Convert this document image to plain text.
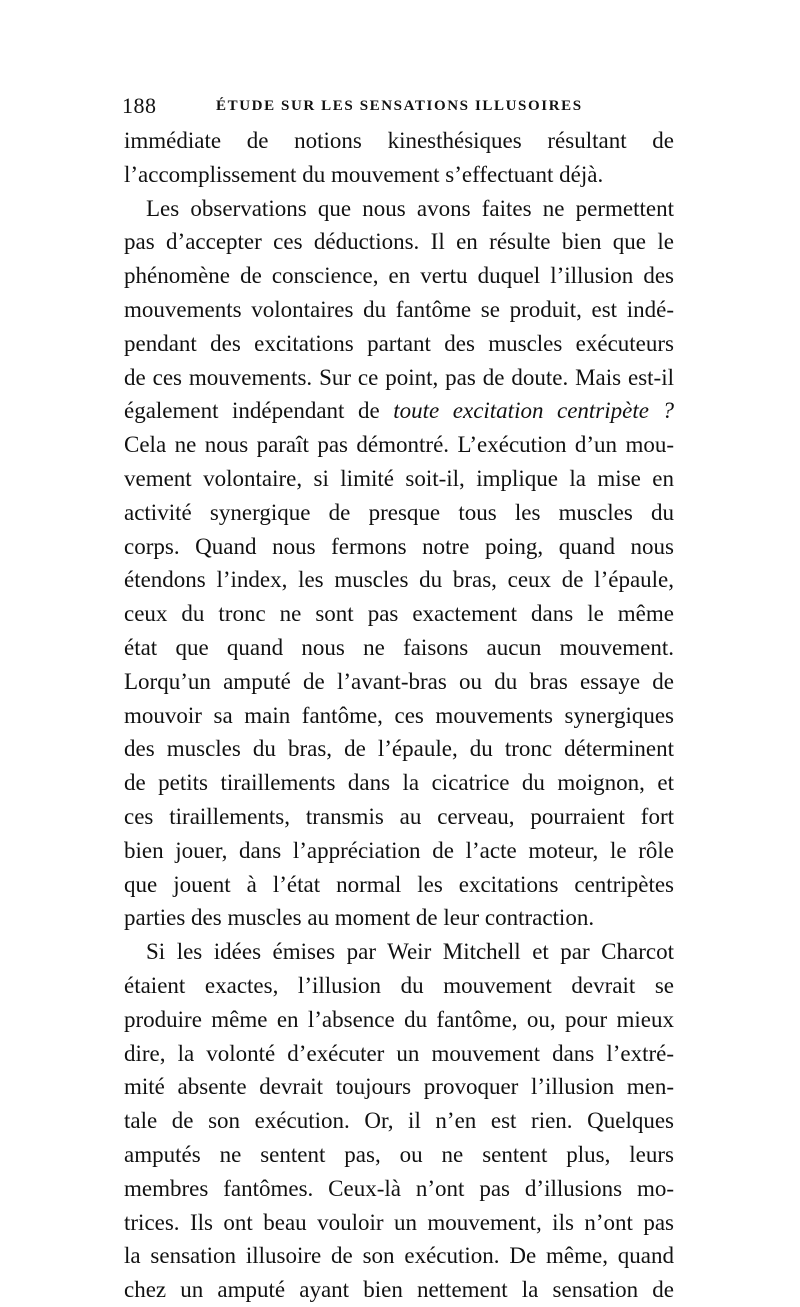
188	ÉTUDE SUR LES SENSATIONS ILLUSOIRES
immédiate de notions kinesthésiques résultant de
l’accomplissement du mouvement s’effectuant déjà.
Les observations que nous avons faites ne permettent
pas d’accepter ces déductions. Il en résulte bien que le
phénomène de conscience, en vertu duquel l’illusion des
mouvements volontaires du fantôme se produit, est indé-
pendant des excitations partant des muscles exécuteurs
de ces mouvements. Sur ce point, pas de doute. Mais est-il
également indépendant de toute excitation centripète ?
Cela ne nous paraît pas démontré. L’exécution d’un mou-
vement volontaire, si limité soit-il, implique la mise en
activité synergique de presque tous les muscles du
corps. Quand nous fermons notre poing, quand nous
étendons l’index, les muscles du bras, ceux de l’épaule,
ceux du tronc ne sont pas exactement dans le même
état que quand nous ne faisons aucun mouvement.
Lorqu’un amputé de l’avant-bras ou du bras essaye de
mouvoir sa main fantôme, ces mouvements synergiques
des muscles du bras, de l’épaule, du tronc déterminent
de petits tiraillements dans la cicatrice du moignon, et
ces tiraillements, transmis au cerveau, pourraient fort
bien jouer, dans l’appréciation de l’acte moteur, le rôle
que jouent à l’état normal les excitations centripètes
parties des muscles au moment de leur contraction.
Si les idées émises par Weir Mitchell et par Charcot
étaient exactes, l’illusion du mouvement devrait se
produire même en l’absence du fantôme, ou, pour mieux
dire, la volonté d’exécuter un mouvement dans l’extré-
mité absente devrait toujours provoquer l’illusion men-
tale de son exécution. Or, il n’en est rien. Quelques
amputés ne sentent pas, ou ne sentent plus, leurs
membres fantômes. Ceux-là n’ont pas d’illusions mo-
trices. Ils ont beau vouloir un mouvement, ils n’ont pas
la sensation illusoire de son exécution. De même, quand
chez un amputé ayant bien nettement la sensation de
